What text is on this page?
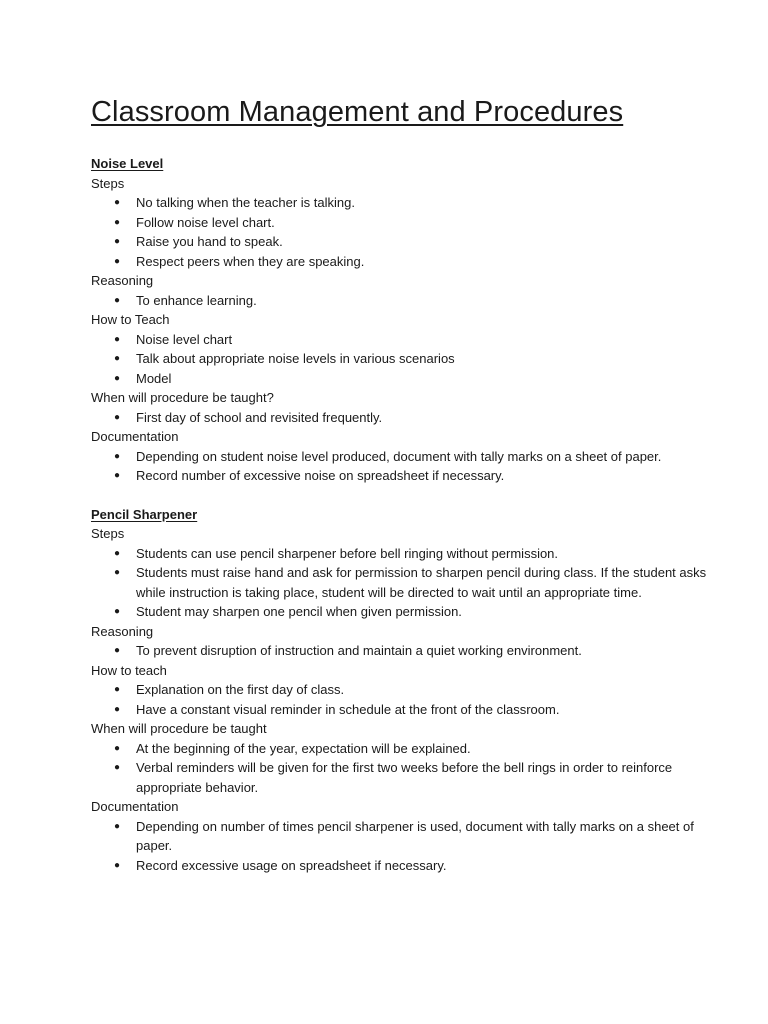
Classroom Management and Procedures

Noise Level

Steps

● No talking when the teacher is talking.
● Follow noise level chart.
● Raise you hand to speak.
● Respect peers when they are speaking.

Reasoning

● To enhance learning.

How to Teach

● Noise level chart
● Talk about appropriate noise levels in various scenarios
● Model

When will procedure be taught?

● First day of school and revisited frequently.

Documentation

● Depending on student noise level produced, document with tally marks on a sheet of paper.
● Record number of excessive noise on spreadsheet if necessary.

Pencil Sharpener

Steps

● Students can use pencil sharpener before bell ringing without permission.
● Students must raise hand and ask for permission to sharpen pencil during class. If the student asks while instruction is taking place, student will be directed to wait until an appropriate time.
● Student may sharpen one pencil when given permission.

Reasoning

● To prevent disruption of instruction and maintain a quiet working environment.

How to teach

● Explanation on the first day of class.
● Have a constant visual reminder in schedule at the front of the classroom.

When will procedure be taught

● At the beginning of the year, expectation will be explained.
● Verbal reminders will be given for the first two weeks before the bell rings in order to reinforce appropriate behavior.

Documentation

● Depending on number of times pencil sharpener is used, document with tally marks on a sheet of paper.
● Record excessive usage on spreadsheet if necessary.
